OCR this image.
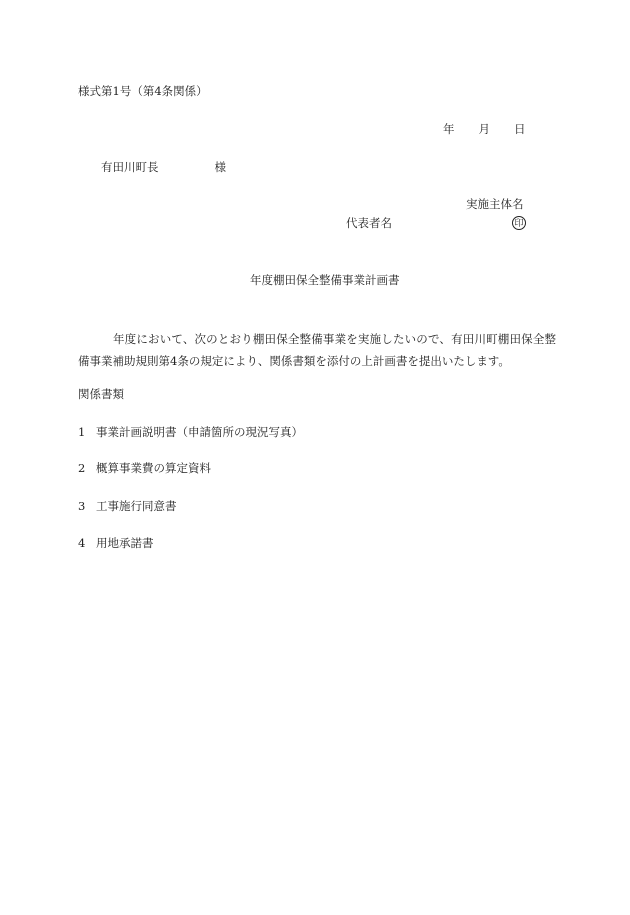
様式第1号（第4条関係）
年 月 日
有田川町長	様
実施主体名
代表者名	印
年度棚田保全整備事業計画書
年度において、次のとおり棚田保全整備事業を実施したいので、有田川町棚田保全整備事業補助規則第4条の規定により、関係書類を添付の上計画書を提出いたします。
関係書類
1 事業計画説明書（申請箇所の現況写真）
2 概算事業費の算定資料
3 工事施行同意書
4 用地承諾書
